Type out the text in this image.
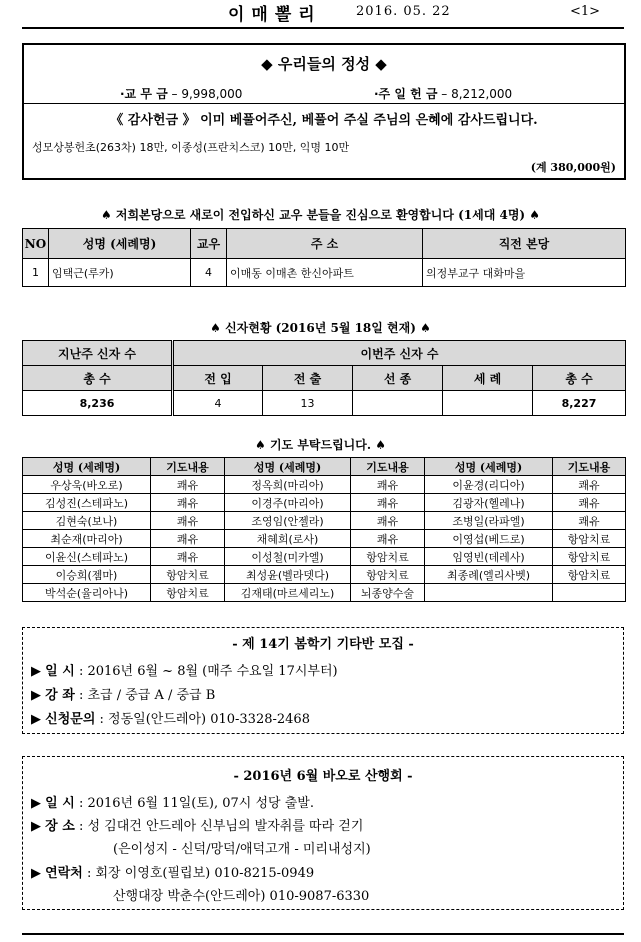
이매뽈리	2016. 05. 22	<1>
◆ 우리들의 정성 ◆
·교 무 금 – 9,998,000	·주 일 헌 금 – 8,212,000
《 감사헌금 》 이미 베풀어주신, 베풀어 주실 주님의 은혜에 감사드립니다.
성모상봉헌초(263차) 18만, 이종성(프란치스코) 10만, 익명 10만
(계 380,000원)
♠ 저희본당으로 새로이 전입하신 교우 분들을 진심으로 환영합니다 (1세대 4명) ♠
NO	성명 (세례명)	교우	주 소	직전 본당
1	임택근(루카)	4	이매동 이매촌 한신아파트	의정부교구 대화마을
♠ 신자현황 (2016년 5월 18일 현재) ♠
지난주 신자 수	이번주 신자 수				
총 수	전 입	전 출	선 종	세 례	총 수
8,236	4	13			8,227
♠ 기도 부탁드립니다. ♠
성명 (세례명)	기도내용	성명 (세례명)	기도내용	성명 (세례명)	기도내용
우상욱(바오로)	쾌유	정옥희(마리아)	쾌유	이윤경(리디아)	쾌유
김성진(스테파노)	쾌유	이경주(마리아)	쾌유	김광자(헬레나)	쾌유
김현숙(보나)	쾌유	조영임(안젤라)	쾌유	조병일(라파엘)	쾌유
최순재(마리아)	쾌유	채혜희(로사)	쾌유	이영섭(베드로)	항암치료
이윤신(스테파노)	쾌유	이성철(미카엘)	항암치료	임영빈(데레사)	항암치료
이승희(젬마)	항암치료	최성윤(벨라뎃다)	항암치료	최종례(엘리사벳)	항암치료
박석순(율리아나)	항암치료	김재태(마르세리노)	뇌종양수술		
- 제 14기 봄학기 기타반 모집 -
▶ 일 시 : 2016년 6월 ~ 8월 (매주 수요일 17시부터)
▶ 강 좌 : 초급 / 중급 A / 중급 B
▶ 신청문의 : 정동일(안드레아) 010-3328-2468
- 2016년 6월 바오로 산행회 -
▶ 일 시 : 2016년 6월 11일(토), 07시 성당 출발.
▶ 장 소 : 성 김대건 안드레아 신부님의 발자취를 따라 걷기
(은이성지 - 신덕/망덕/애덕고개 - 미리내성지)
▶ 연락처 : 회장 이영호(필립보) 010-8215-0949
산행대장 박춘수(안드레아) 010-9087-6330
